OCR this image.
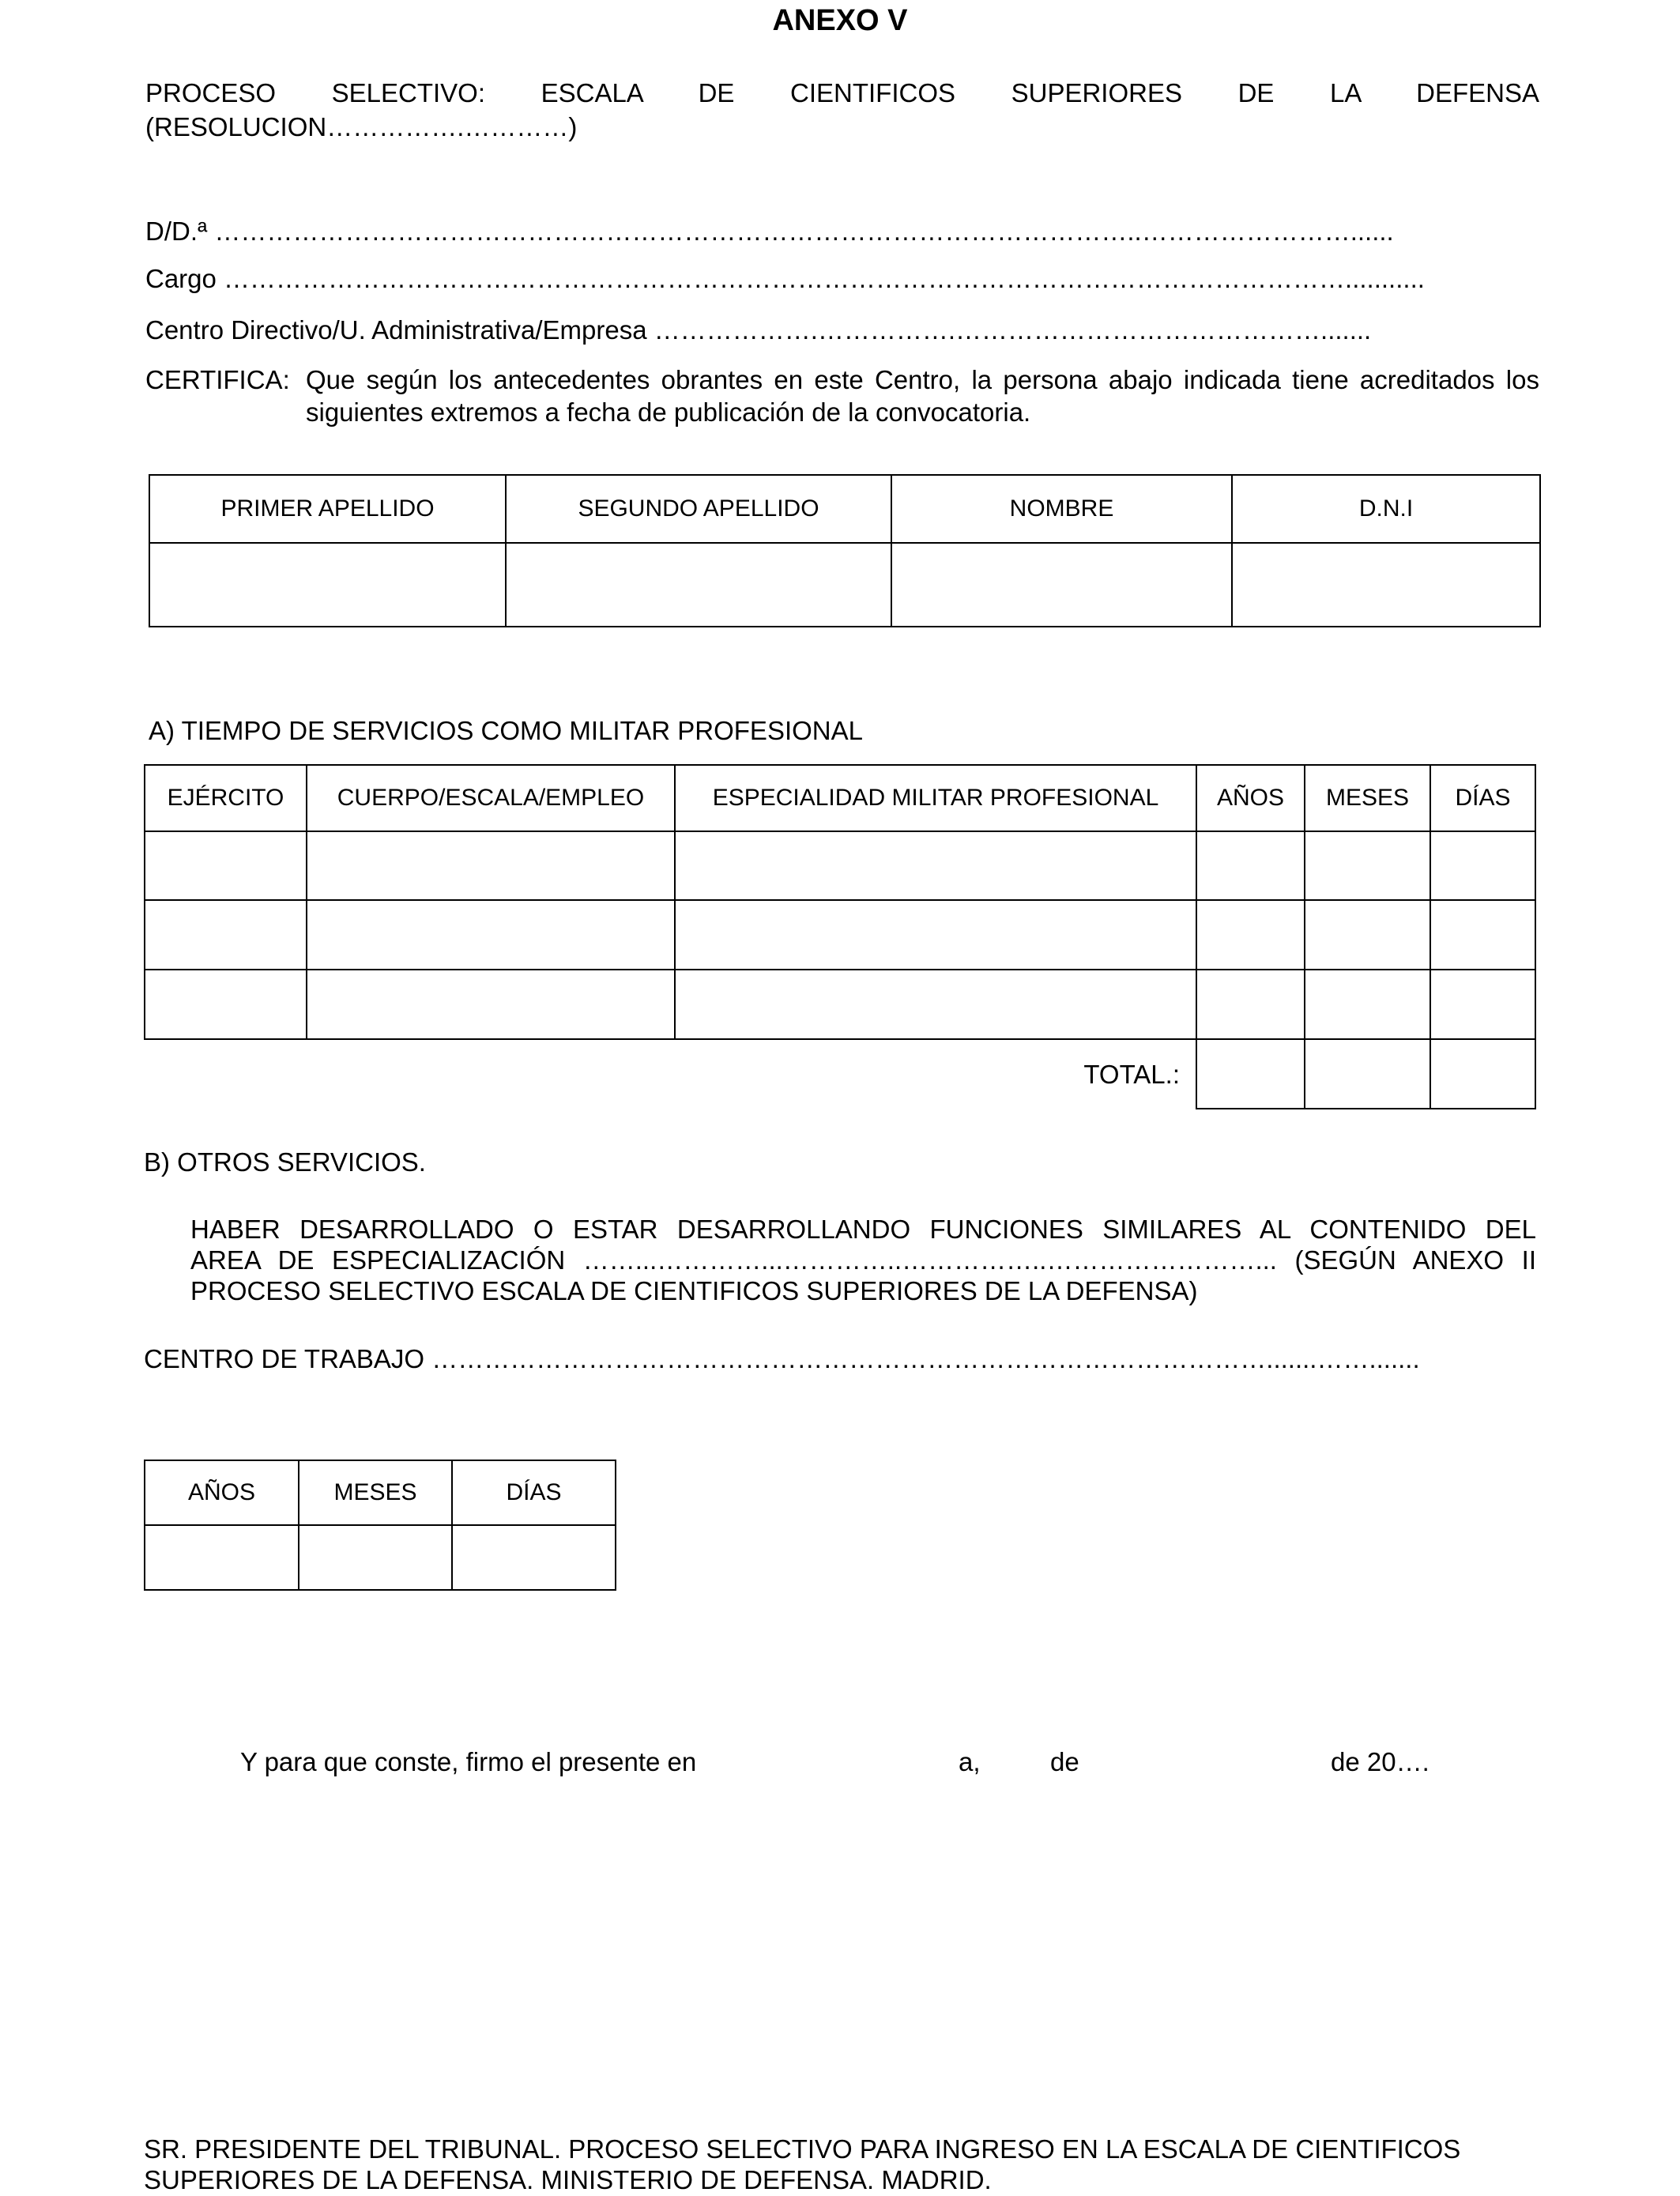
ANEXO V
PROCESO SELECTIVO: ESCALA DE CIENTIFICOS SUPERIORES DE LA DEFENSA
(RESOLUCION…………….…………)
D/D.ª ……………………………………………………………………………………………..……………………......
Cargo …………………………………………………………………………………………………………………...........
Centro Directivo/U. Administrativa/Empresa ……………….…………….…………………………………….......
CERTIFICA: Que según los antecedentes obrantes en este Centro, la persona abajo indicada tiene acreditados los
siguientes extremos a fecha de publicación de la convocatoria.
PRIMER APELLIDO	SEGUNDO APELLIDO	NOMBRE	D.N.I

A) TIEMPO DE SERVICIOS COMO MILITAR PROFESIONAL
EJÉRCITO	CUERPO/ESCALA/EMPLEO	ESPECIALIDAD MILITAR PROFESIONAL	AÑOS	MESES	DÍAS

TOTAL.:					
B) OTROS SERVICIOS.
HABER DESARROLLADO O ESTAR DESARROLLANDO FUNCIONES SIMILARES AL CONTENIDO DEL
AREA DE ESPECIALIZACIÓN ……...…………...…………..……………..……………………... (SEGÚN ANEXO II
PROCESO SELECTIVO ESCALA DE CIENTIFICOS SUPERIORES DE LA DEFENSA)
CENTRO DE TRABAJO …………………………………………………………………………………….......…….......
AÑOS	MESES	DÍAS

Y para que conste, firmo el presente en	a,	de	de 20….
SR. PRESIDENTE DEL TRIBUNAL. PROCESO SELECTIVO PARA INGRESO EN LA ESCALA DE CIENTIFICOS
SUPERIORES DE LA DEFENSA. MINISTERIO DE DEFENSA. MADRID.
